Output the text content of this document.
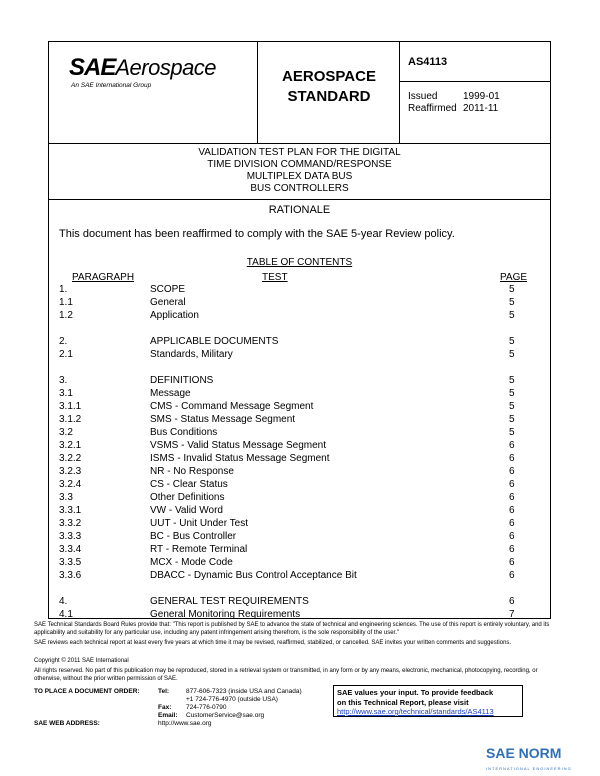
SAEAerospace
An SAE International Group
AEROSPACE
STANDARD
AS4113
Issued	1999-01
Reaffirmed 2011-11
VALIDATION TEST PLAN FOR THE DIGITAL
TIME DIVISION COMMAND/RESPONSE
MULTIPLEX DATA BUS
BUS CONTROLLERS
RATIONALE
This document has been reaffirmed to comply with the SAE 5-year Review policy.
TABLE OF CONTENTS
PARAGRAPH	TEST	PAGE
1.	SCOPE	5
1.1	General	5
1.2	Application	5
2.	APPLICABLE DOCUMENTS	5
2.1	Standards, Military	5
3.	DEFINITIONS	5
3.1	Message	5
3.1.1	CMS - Command Message Segment	5
3.1.2	SMS - Status Message Segment	5
3.2	Bus Conditions	5
3.2.1	VSMS - Valid Status Message Segment	6
3.2.2	ISMS - Invalid Status Message Segment	6
3.2.3	NR - No Response	6
3.2.4	CS - Clear Status	6
3.3	Other Definitions	6
3.3.1	VW - Valid Word	6
3.3.2	UUT - Unit Under Test	6
3.3.3	BC - Bus Controller	6
3.3.4	RT - Remote Terminal	6
3.3.5	MCX - Mode Code	6
3.3.6	DBACC - Dynamic Bus Control Acceptance Bit	6
4.	GENERAL TEST REQUIREMENTS	6
4.1	General Monitoring Requirements	7
SAE Technical Standards Board Rules provide that: "This report is published by SAE to advance the state of technical and engineering sciences. The use of this report is entirely voluntary, and its applicability and suitability for any particular use, including any patent infringement arising therefrom, is the sole responsibility of the user."
SAE reviews each technical report at least every five years at which time it may be revised, reaffirmed, stabilized, or cancelled. SAE invites your written comments and suggestions.
Copyright © 2011 SAE International
All rights reserved. No part of this publication may be reproduced, stored in a retrieval system or transmitted, in any form or by any means, electronic, mechanical, photocopying, recording, or otherwise, without the prior written permission of SAE.
TO PLACE A DOCUMENT ORDER:	Tel:	877-606-7323 (inside USA and Canada)
+1 724-776-4970 (outside USA)
Fax: 724-776-0790
Email: CustomerService@sae.org
SAE WEB ADDRESS:	http://www.sae.org
SAE values your input. To provide feedback
on this Technical Report, please visit
http://www.sae.org/technical/standards/AS4113
SAE NORM
INTERNATIONAL ENGINEERING
